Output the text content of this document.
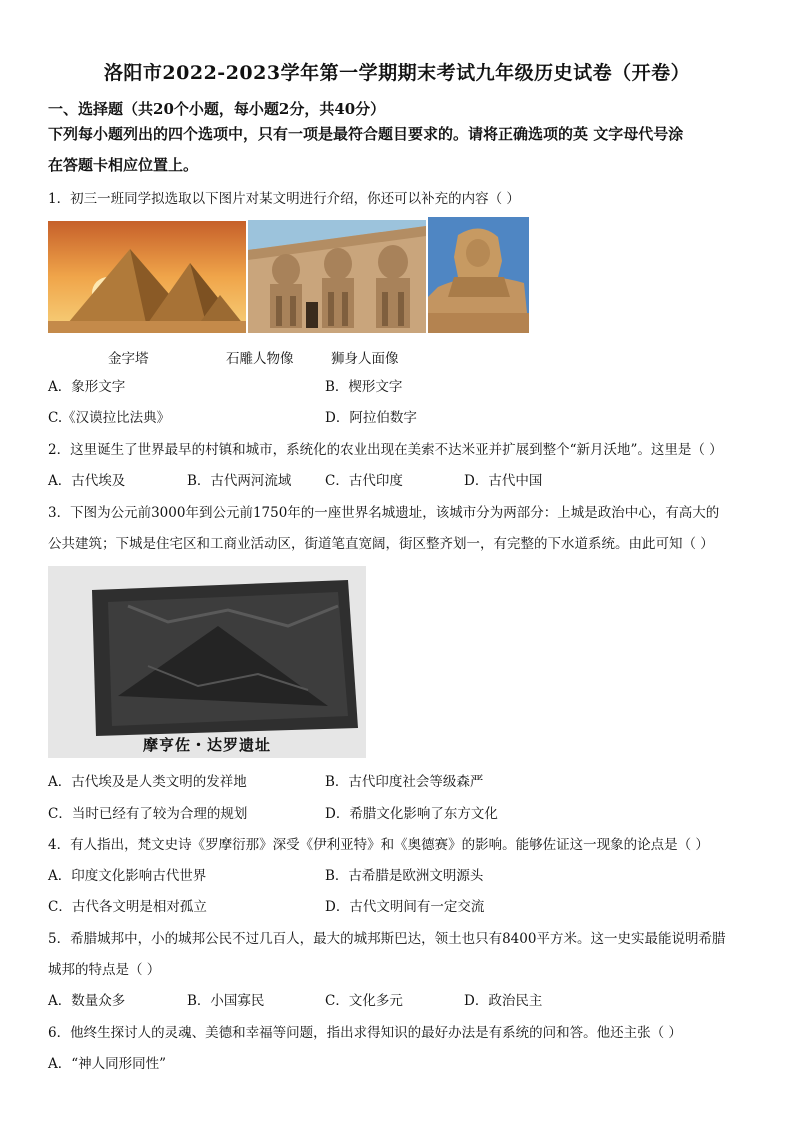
洛阳市2022-2023学年第一学期期末考试九年级历史试卷（开卷）
一、选择题（共20个小题，每小题2分，共40分）
下列每小题列出的四个选项中，只有一项是最符合题目要求的。请将正确选项的英 文字母代号涂
在答题卡相应位置上。
1．初三一班同学拟选取以下图片对某文明进行介绍，你还可以补充的内容（ ）
金字塔	石雕人物像	狮身人面像
A．象形文字	B．楔形文字
C.《汉谟拉比法典》	D．阿拉伯数字
2．这里诞生了世界最早的村镇和城市，系统化的农业出现在美索不达米亚并扩展到整个“新月沃地”。这里是（ ）
A．古代埃及	B．古代两河流域 C．古代印度	D．古代中国
3．下图为公元前3000年到公元前1750年的一座世界名城遗址，该城市分为两部分：上城是政治中心，有高大的
公共建筑；下城是住宅区和工商业活动区，街道笔直宽阔，街区整齐划一，有完整的下水道系统。由此可知（ ）
摩亨佐・达罗遗址
A．古代埃及是人类文明的发祥地	B．古代印度社会等级森严
C．当时已经有了较为合理的规划	D．希腊文化影响了东方文化
4．有人指出，梵文史诗《罗摩衍那》深受《伊利亚特》和《奥德赛》的影响。能够佐证这一现象的论点是（ ）
A．印度文化影响古代世界	B．古希腊是欧洲文明源头
C．古代各文明是相对孤立	D．古代文明间有一定交流
5．希腊城邦中，小的城邦公民不过几百人，最大的城邦斯巴达，领土也只有8400平方米。这一史实最能说明希腊
城邦的特点是（ ）
A．数量众多	B．小国寡民	C．文化多元	D．政治民主
6．他终生探讨人的灵魂、美德和幸福等问题，指出求得知识的最好办法是有系统的问和答。他还主张（ ）
A．“神人同形同性”
